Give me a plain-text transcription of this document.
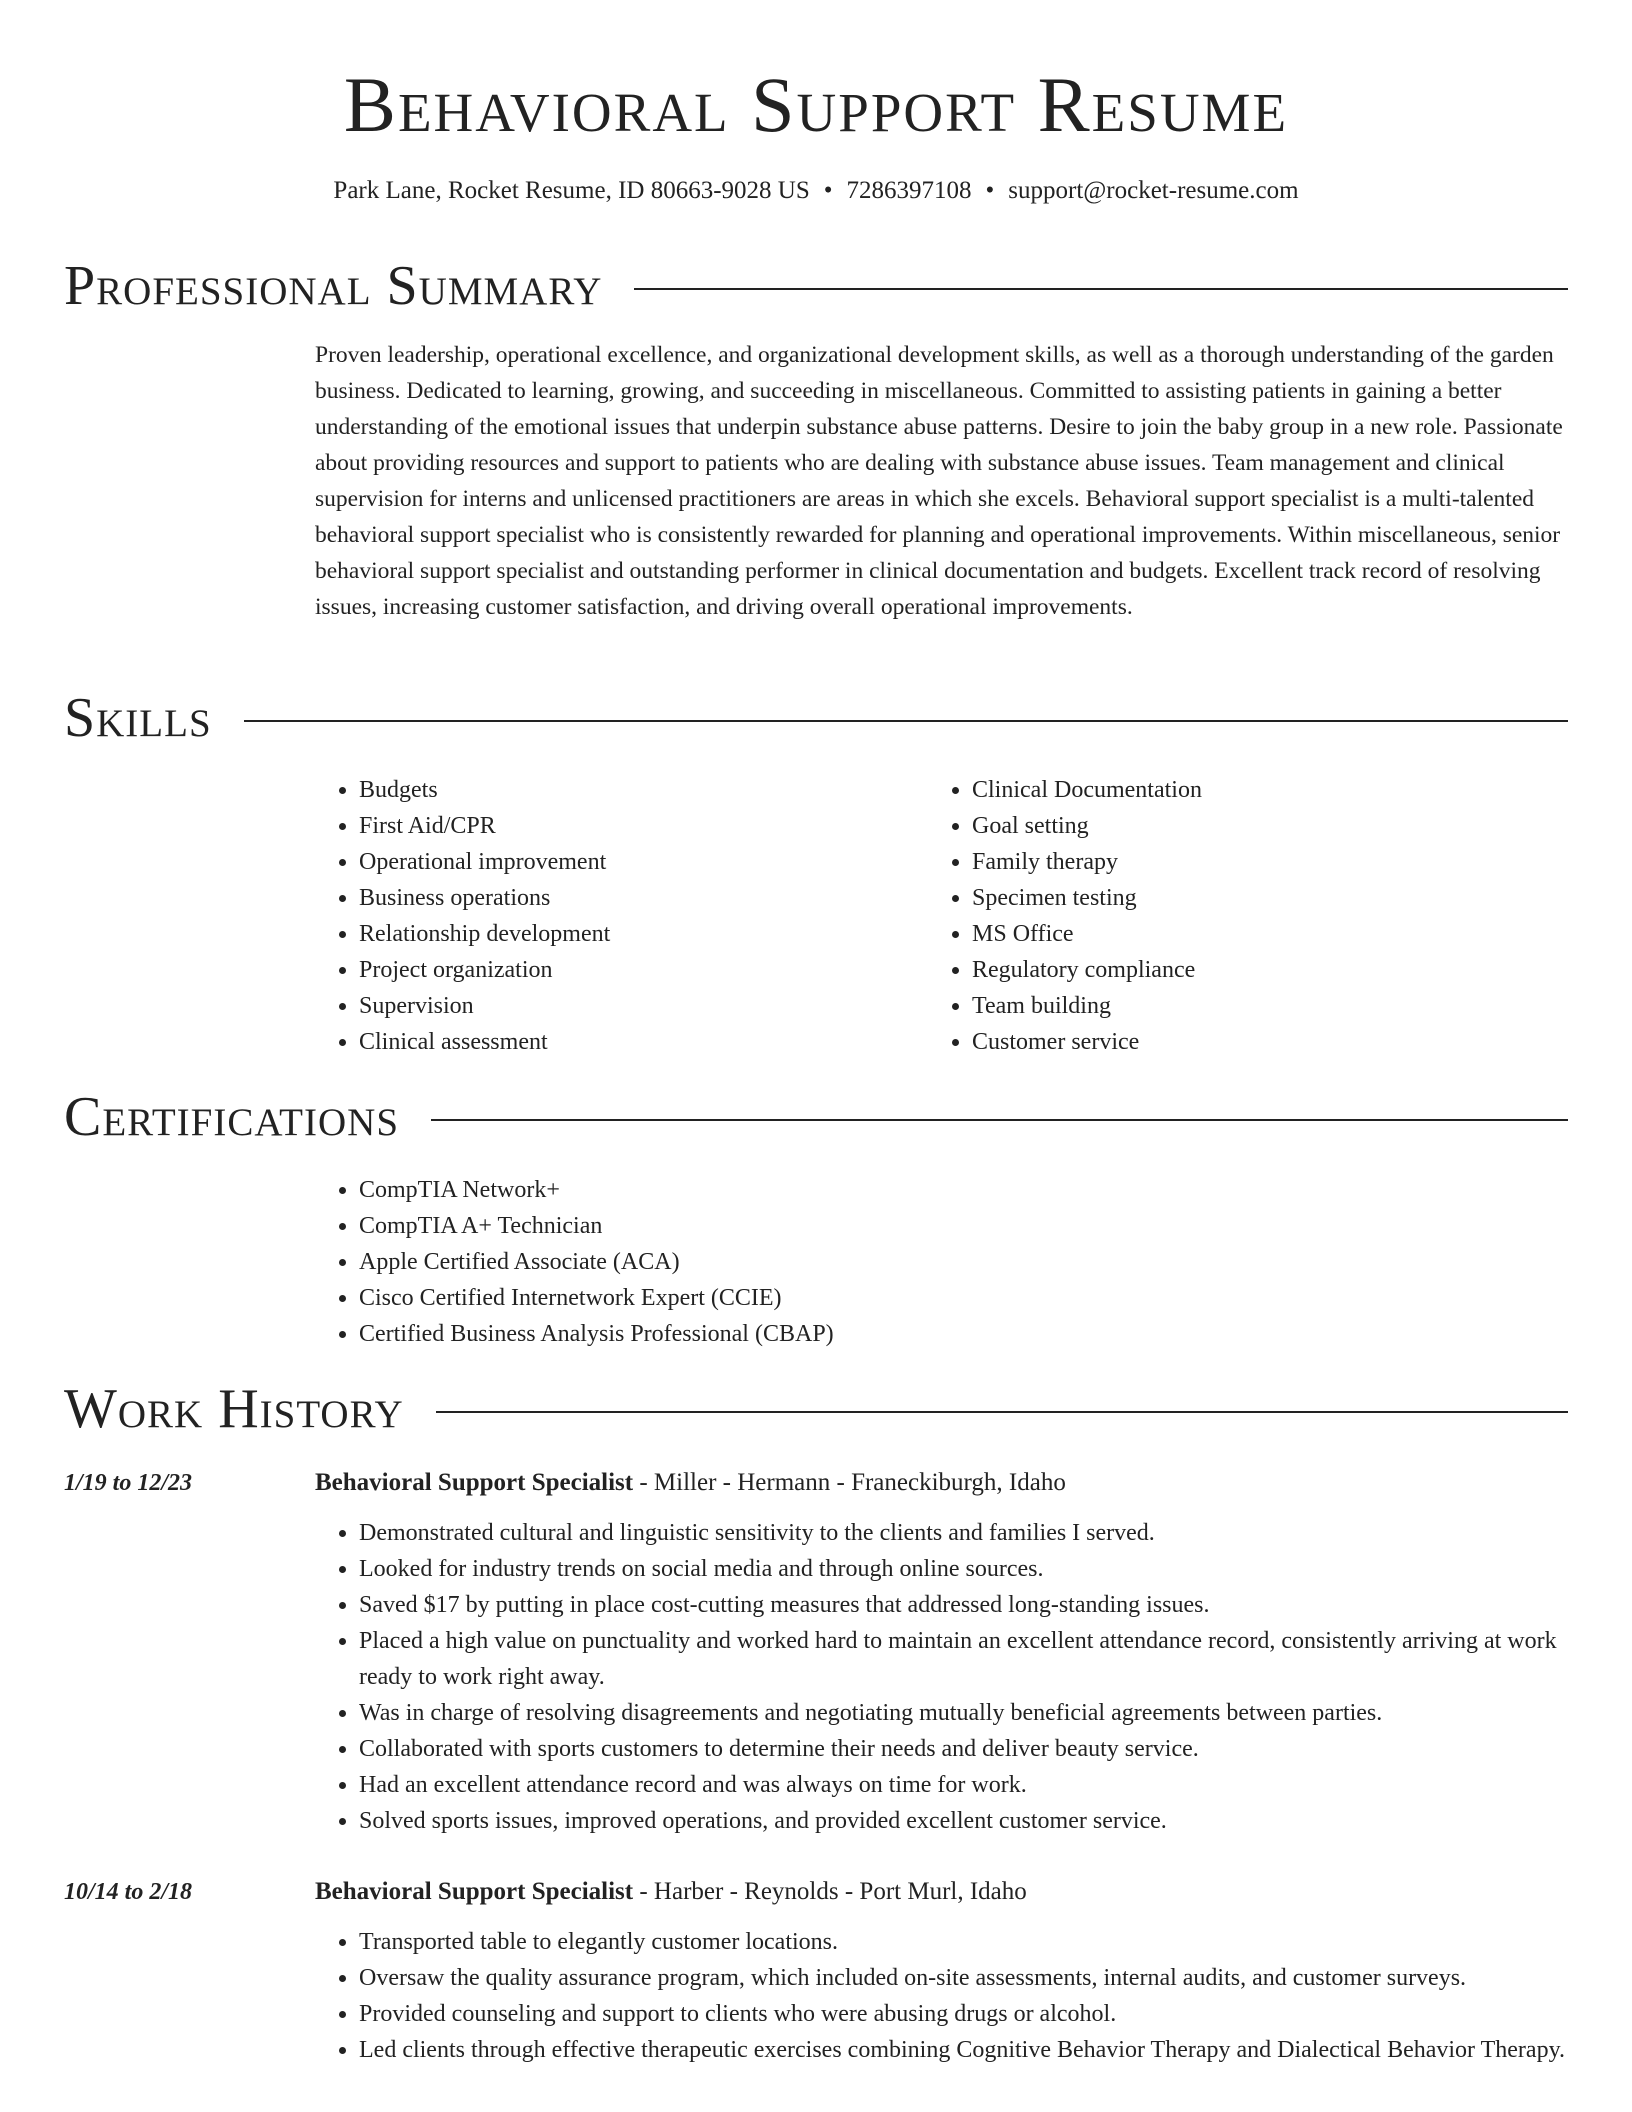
Behavioral Support Resume
Park Lane, Rocket Resume, ID 80663-9028 US • 7286397108 • support@rocket-resume.com
Professional Summary

Proven leadership, operational excellence, and organizational development skills, as well as a thorough understanding of the garden business. Dedicated to learning, growing, and succeeding in miscellaneous. Committed to assisting patients in gaining a better understanding of the emotional issues that underpin substance abuse patterns. Desire to join the baby group in a new role. Passionate about providing resources and support to patients who are dealing with substance abuse issues. Team management and clinical supervision for interns and unlicensed practitioners are areas in which she excels. Behavioral support specialist is a multi-talented behavioral support specialist who is consistently rewarded for planning and operational improvements. Within miscellaneous, senior behavioral support specialist and outstanding performer in clinical documentation and budgets. Excellent track record of resolving issues, increasing customer satisfaction, and driving overall operational improvements.

Skills
• Budgets
• First Aid/CPR
• Operational improvement
• Business operations
• Relationship development
• Project organization
• Supervision
• Clinical assessment
• Clinical Documentation
• Goal setting
• Family therapy
• Specimen testing
• MS Office
• Regulatory compliance
• Team building
• Customer service
Certifications
• CompTIA Network+
• CompTIA A+ Technician
• Apple Certified Associate (ACA)
• Cisco Certified Internetwork Expert (CCIE)
• Certified Business Analysis Professional (CBAP)
Work History
1/19 to 12/23	Behavioral Support Specialist - Miller - Hermann - Franeckiburgh, Idaho
• Demonstrated cultural and linguistic sensitivity to the clients and families I served.
• Looked for industry trends on social media and through online sources.
• Saved $17 by putting in place cost-cutting measures that addressed long-standing issues.
• Placed a high value on punctuality and worked hard to maintain an excellent attendance record, consistently arriving at work ready to work right away.
• Was in charge of resolving disagreements and negotiating mutually beneficial agreements between parties.
• Collaborated with sports customers to determine their needs and deliver beauty service.
• Had an excellent attendance record and was always on time for work.
• Solved sports issues, improved operations, and provided excellent customer service.
10/14 to 2/18	Behavioral Support Specialist - Harber - Reynolds - Port Murl, Idaho
• Transported table to elegantly customer locations.
• Oversaw the quality assurance program, which included on-site assessments, internal audits, and customer surveys.
• Provided counseling and support to clients who were abusing drugs or alcohol.
• Led clients through effective therapeutic exercises combining Cognitive Behavior Therapy and Dialectical Behavior Therapy.
